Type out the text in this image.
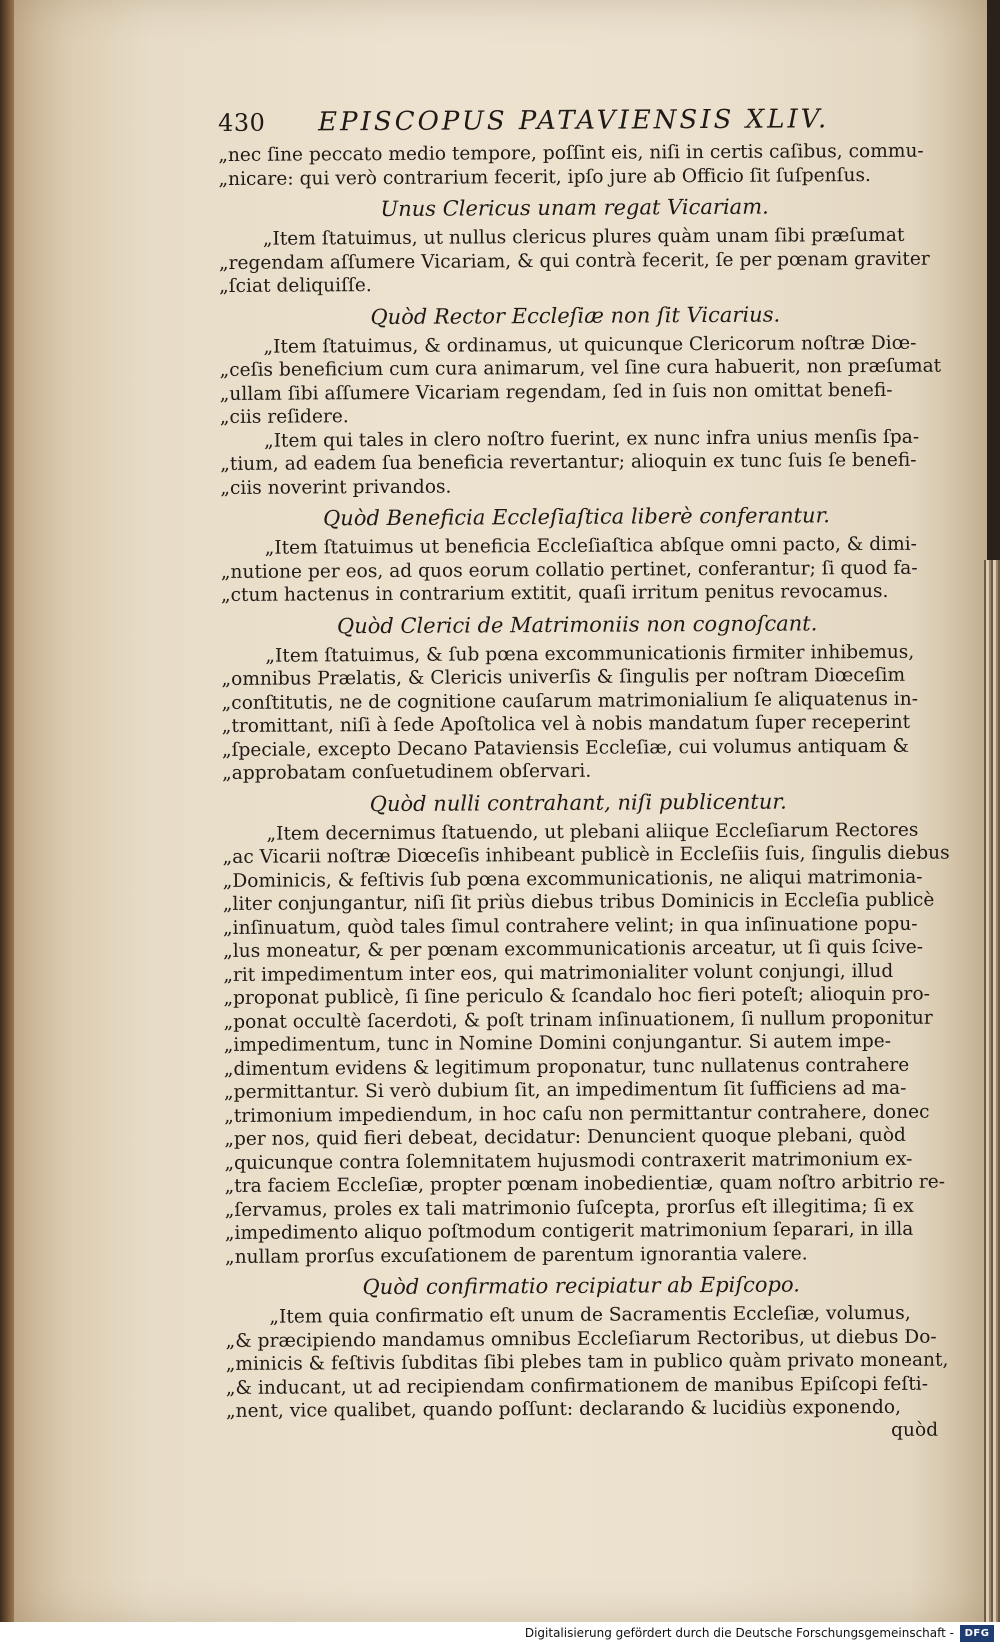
430	EPISCOPUS PATAVIENSIS XLIV.
„nec ſine peccato medio tempore, poſſint eis, niſi in certis caſibus, commu-
„nicare: qui verò contrarium fecerit, ipſo jure ab Officio ſit ſuſpenſus.
Unus Clericus unam regat Vicariam.
„Item ſtatuimus, ut nullus clericus plures quàm unam ſibi præſumat
„regendam aſſumere Vicariam, & qui contrà fecerit, ſe per pœnam graviter
„ſciat deliquiſſe.
Quòd Rector Eccleſiæ non ſit Vicarius.
„Item ſtatuimus, & ordinamus, ut quicunque Clericorum noſtræ Diœ-
„ceſis beneficium cum cura animarum, vel ſine cura habuerit, non præſumat
„ullam ſibi aſſumere Vicariam regendam, ſed in ſuis non omittat benefi-
„ciis reſidere.
„Item qui tales in clero noſtro fuerint, ex nunc infra unius menſis ſpa-
„tium, ad eadem ſua beneficia revertantur; alioquin ex tunc ſuis ſe benefi-
„ciis noverint privandos.
Quòd Beneficia Eccleſiaſtica liberè conferantur.
„Item ſtatuimus ut beneficia Eccleſiaſtica abſque omni pacto, & dimi-
„nutione per eos, ad quos eorum collatio pertinet, conferantur; ſi quod fa-
„ctum hactenus in contrarium extitit, quaſi irritum penitus revocamus.
Quòd Clerici de Matrimoniis non cognoſcant.
„Item ſtatuimus, & ſub pœna excommunicationis firmiter inhibemus,
„omnibus Prælatis, & Clericis univerſis & ſingulis per noſtram Diœceſim
„conſtitutis, ne de cognitione cauſarum matrimonialium ſe aliquatenus in-
„tromittant, niſi à ſede Apoſtolica vel à nobis mandatum ſuper receperint
„ſpeciale, excepto Decano Pataviensis Eccleſiæ, cui volumus antiquam &
„approbatam conſuetudinem obſervari.
Quòd nulli contrahant, niſi publicentur.
„Item decernimus ſtatuendo, ut plebani aliique Eccleſiarum Rectores
„ac Vicarii noſtræ Diœceſis inhibeant publicè in Eccleſiis ſuis, ſingulis diebus
„Dominicis, & feſtivis ſub pœna excommunicationis, ne aliqui matrimonia-
„liter conjungantur, niſi ſit priùs diebus tribus Dominicis in Eccleſia publicè
„inſinuatum, quòd tales ſimul contrahere velint; in qua inſinuatione popu-
„lus moneatur, & per pœnam excommunicationis arceatur, ut ſi quis ſcive-
„rit impedimentum inter eos, qui matrimonialiter volunt conjungi, illud
„proponat publicè, ſi ſine periculo & ſcandalo hoc fieri poteſt; alioquin pro-
„ponat occultè ſacerdoti, & poſt trinam inſinuationem, ſi nullum proponitur
„impedimentum, tunc in Nomine Domini conjungantur. Si autem impe-
„dimentum evidens & legitimum proponatur, tunc nullatenus contrahere
„permittantur. Si verò dubium ſit, an impedimentum ſit ſufficiens ad ma-
„trimonium impediendum, in hoc caſu non permittantur contrahere, donec
„per nos, quid fieri debeat, decidatur: Denuncient quoque plebani, quòd
„quicunque contra ſolemnitatem hujusmodi contraxerit matrimonium ex-
„tra faciem Eccleſiæ, propter pœnam inobedientiæ, quam noſtro arbitrio re-
„ſervamus, proles ex tali matrimonio ſuſcepta, prorſus eſt illegitima; ſi ex
„impedimento aliquo poſtmodum contigerit matrimonium ſeparari, in illa
„nullam prorſus excuſationem de parentum ignorantia valere.
Quòd confirmatio recipiatur ab Epiſcopo.
„Item quia confirmatio eſt unum de Sacramentis Eccleſiæ, volumus,
„& præcipiendo mandamus omnibus Eccleſiarum Rectoribus, ut diebus Do-
„minicis & feſtivis ſubditas ſibi plebes tam in publico quàm privato moneant,
„& inducant, ut ad recipiendam confirmationem de manibus Epiſcopi feſti-
„nent, vice qualibet, quando poſſunt: declarando & lucidiùs exponendo,
quòd
Digitalisierung gefördert durch die Deutsche Forschungsgemeinschaft -	DFG
